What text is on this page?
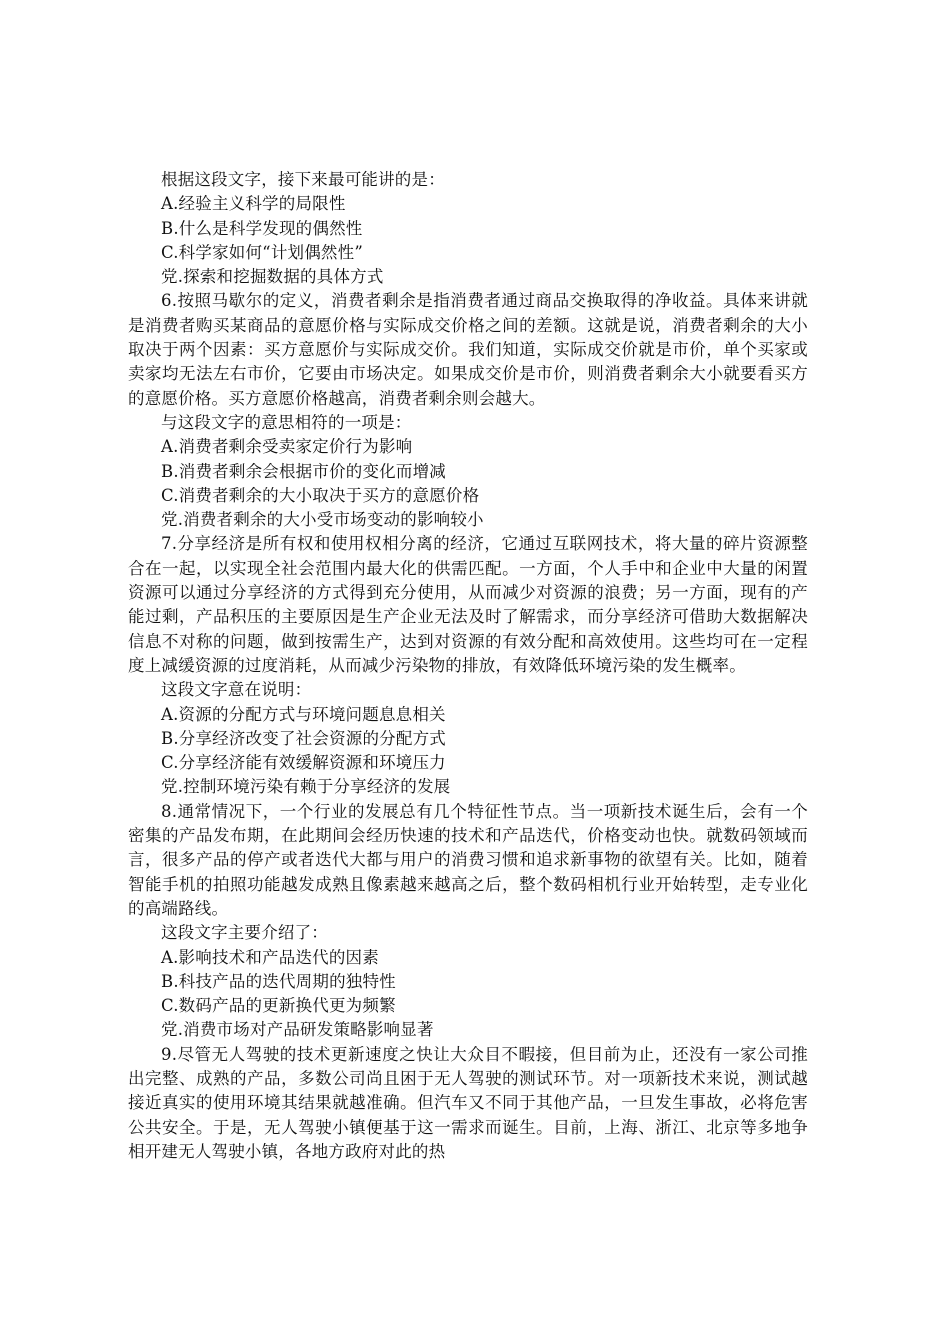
根据这段文字，接下来最可能讲的是：

A.经验主义科学的局限性

B.什么是科学发现的偶然性

C.科学家如何“计划偶然性”

党.探索和挖掘数据的具体方式

6.按照马歇尔的定义，消费者剩余是指消费者通过商品交换取得的净收益。具体来讲就是消费者购买某商品的意愿价格与实际成交价格之间的差额。这就是说，消费者剩余的大小取决于两个因素：买方意愿价与实际成交价。我们知道，实际成交价就是市价，单个买家或卖家均无法左右市价，它要由市场决定。如果成交价是市价，则消费者剩余大小就要看买方的意愿价格。买方意愿价格越高，消费者剩余则会越大。

与这段文字的意思相符的一项是：

A.消费者剩余受卖家定价行为影响

B.消费者剩余会根据市价的变化而增减

C.消费者剩余的大小取决于买方的意愿价格

党.消费者剩余的大小受市场变动的影响较小

7.分享经济是所有权和使用权相分离的经济，它通过互联网技术，将大量的碎片资源整合在一起，以实现全社会范围内最大化的供需匹配。一方面，个人手中和企业中大量的闲置资源可以通过分享经济的方式得到充分使用，从而减少对资源的浪费；另一方面，现有的产能过剩，产品积压的主要原因是生产企业无法及时了解需求，而分享经济可借助大数据解决信息不对称的问题，做到按需生产，达到对资源的有效分配和高效使用。这些均可在一定程度上减缓资源的过度消耗，从而减少污染物的排放，有效降低环境污染的发生概率。

这段文字意在说明：

A.资源的分配方式与环境问题息息相关

B.分享经济改变了社会资源的分配方式

C.分享经济能有效缓解资源和环境压力

党.控制环境污染有赖于分享经济的发展

8.通常情况下，一个行业的发展总有几个特征性节点。当一项新技术诞生后，会有一个密集的产品发布期，在此期间会经历快速的技术和产品迭代，价格变动也快。就数码领域而言，很多产品的停产或者迭代大都与用户的消费习惯和追求新事物的欲望有关。比如，随着智能手机的拍照功能越发成熟且像素越来越高之后，整个数码相机行业开始转型，走专业化的高端路线。

这段文字主要介绍了：

A.影响技术和产品迭代的因素

B.科技产品的迭代周期的独特性

C.数码产品的更新换代更为频繁

党.消费市场对产品研发策略影响显著

9.尽管无人驾驶的技术更新速度之快让大众目不暇接，但目前为止，还没有一家公司推出完整、成熟的产品，多数公司尚且困于无人驾驶的测试环节。对一项新技术来说，测试越接近真实的使用环境其结果就越准确。但汽车又不同于其他产品，一旦发生事故，必将危害公共安全。于是，无人驾驶小镇便基于这一需求而诞生。目前，上海、浙江、北京等多地争相开建无人驾驶小镇，各地方政府对此的热
